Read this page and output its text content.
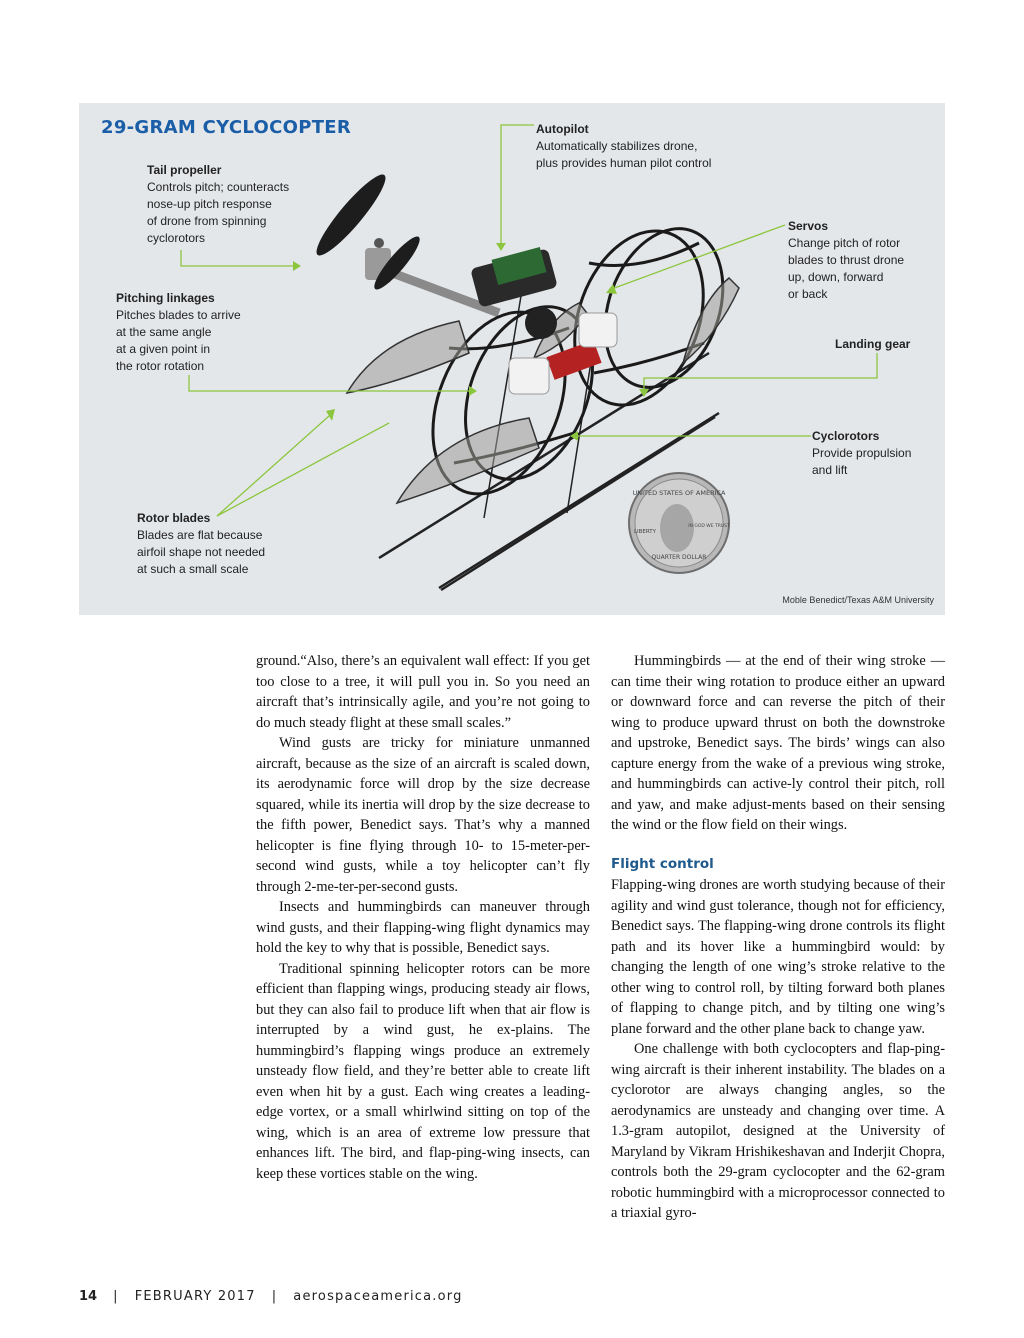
UNITED STATES OF AMERICA
LIBERTY
IN GOD WE TRUST
QUARTER DOLLAR
29-GRAM CYCLOCOPTER	Autopilot
Automatically stabilizes drone,
plus provides human pilot control
Tail propeller
Controls pitch; counteracts
nose-up pitch response
of drone from spinning
cyclorotors
Servos
Change pitch of rotor
blades to thrust drone
up, down, forward
or back
Pitching linkages
Pitches blades to arrive
at the same angle
at a given point in
the rotor rotation
Landing gear
Cyclorotors
Provide propulsion
and lift
Rotor blades
Blades are flat because
airfoil shape not needed
at such a small scale
Moble Benedict/Texas A&M University

ground.“Also, there’s an equivalent wall effect: If you get too close to a tree, it will pull you in. So you need an aircraft that’s intrinsically agile, and you’re not going to do much steady flight at these small scales.”

Wind gusts are tricky for miniature unmanned aircraft, because as the size of an aircraft is scaled down, its aerodynamic force will drop by the size decrease squared, while its inertia will drop by the size decrease to the fifth power, Benedict says. That’s why a manned helicopter is fine flying through 10- to 15-meter-per-second wind gusts, while a toy helicopter can’t fly through 2-me-ter-per-second gusts.

Insects and hummingbirds can maneuver through wind gusts, and their flapping-wing flight dynamics may hold the key to why that is possible, Benedict says.

Traditional spinning helicopter rotors can be more efficient than flapping wings, producing steady air flows, but they can also fail to produce lift when that air flow is interrupted by a wind gust, he ex-plains. The hummingbird’s flapping wings produce an extremely unsteady flow field, and they’re better able to create lift even when hit by a gust. Each wing creates a leading-edge vortex, or a small whirlwind sitting on top of the wing, which is an area of extreme low pressure that enhances lift. The bird, and flap-ping-wing insects, can keep these vortices stable on the wing.

Hummingbirds — at the end of their wing stroke — can time their wing rotation to produce either an upward or downward force and can reverse the pitch of their wing to produce upward thrust on both the downstroke and upstroke, Benedict says. The birds’ wings can also capture energy from the wake of a previous wing stroke, and hummingbirds can active-ly control their pitch, roll and yaw, and make adjust-ments based on their sensing the wind or the flow field on their wings.

Flight control

Flapping-wing drones are worth studying because of their agility and wind gust tolerance, though not for efficiency, Benedict says. The flapping-wing drone controls its flight path and its hover like a hummingbird would: by changing the length of one wing’s stroke relative to the other wing to control roll, by tilting forward both planes of flapping to change pitch, and by tilting one wing’s plane forward and the other plane back to change yaw.

One challenge with both cyclocopters and flap-ping-wing aircraft is their inherent instability. The blades on a cyclorotor are always changing angles, so the aerodynamics are unsteady and changing over time. A 1.3-gram autopilot, designed at the University of Maryland by Vikram Hrishikeshavan and Inderjit Chopra, controls both the 29-gram cyclocopter and the 62-gram robotic hummingbird with a microprocessor connected to a triaxial gyro-

14 | FEBRUARY 2017 | aerospaceamerica.org
